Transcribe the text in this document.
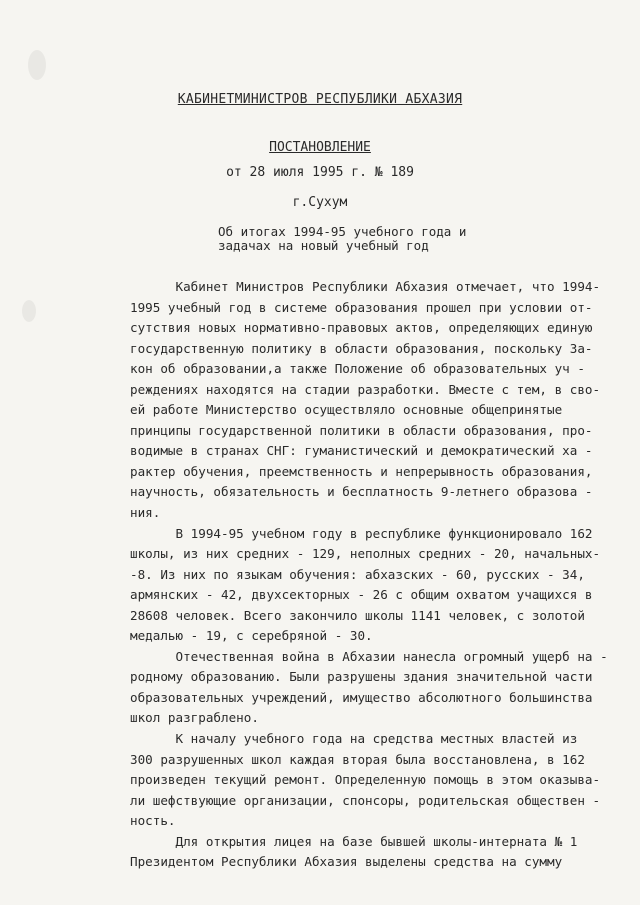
КАБИНЕТМИНИСТРОВ РЕСПУБЛИКИ АБХАЗИЯ
ПОСТАНОВЛЕНИЕ
от 28 июля 1995 г. № 189
г.Сухум
Об итогах 1994-95 учебного года и
задачах на новый учебный год
Кабинет Министров Республики Абхазия отмечает, что 1994-
1995 учебный год в системе образования прошел при условии от-
сутствия новых нормативно-правовых актов, определяющих единую
государственную политику в области образования, поскольку За-
кон об образовании,а также Положение об образовательных уч -
реждениях находятся на стадии разработки. Вместе с тем, в сво-
ей работе Министерство осуществляло основные общепринятые
принципы государственной политики в области образования, про-
водимые в странах СНГ: гуманистический и демократический ха -
рактер обучения, преемственность и непрерывность образования,
научность, обязательность и бесплатность 9-летнего образова -
ния.
В 1994-95 учебном году в республике функционировало 162
школы, из них средних - 129, неполных средних - 20, начальных-
-8. Из них по языкам обучения: абхазских - 60, русских - 34,
армянских - 42, двухсекторных - 26 с общим охватом учащихся в
28608 человек. Всего закончило школы 1141 человек, с золотой
медалью - 19, с серебряной - 30.
Отечественная война в Абхазии нанесла огромный ущерб на -
родному образованию. Были разрушены здания значительной части
образовательных учреждений, имущество абсолютного большинства
школ разграблено.
К началу учебного года на средства местных властей из
300 разрушенных школ каждая вторая была восстановлена, в 162
произведен текущий ремонт. Определенную помощь в этом оказыва-
ли шефствующие организации, спонсоры, родительская обществен -
ность.
Для открытия лицея на базе бывшей школы-интерната № 1
Президентом Республики Абхазия выделены средства на сумму
